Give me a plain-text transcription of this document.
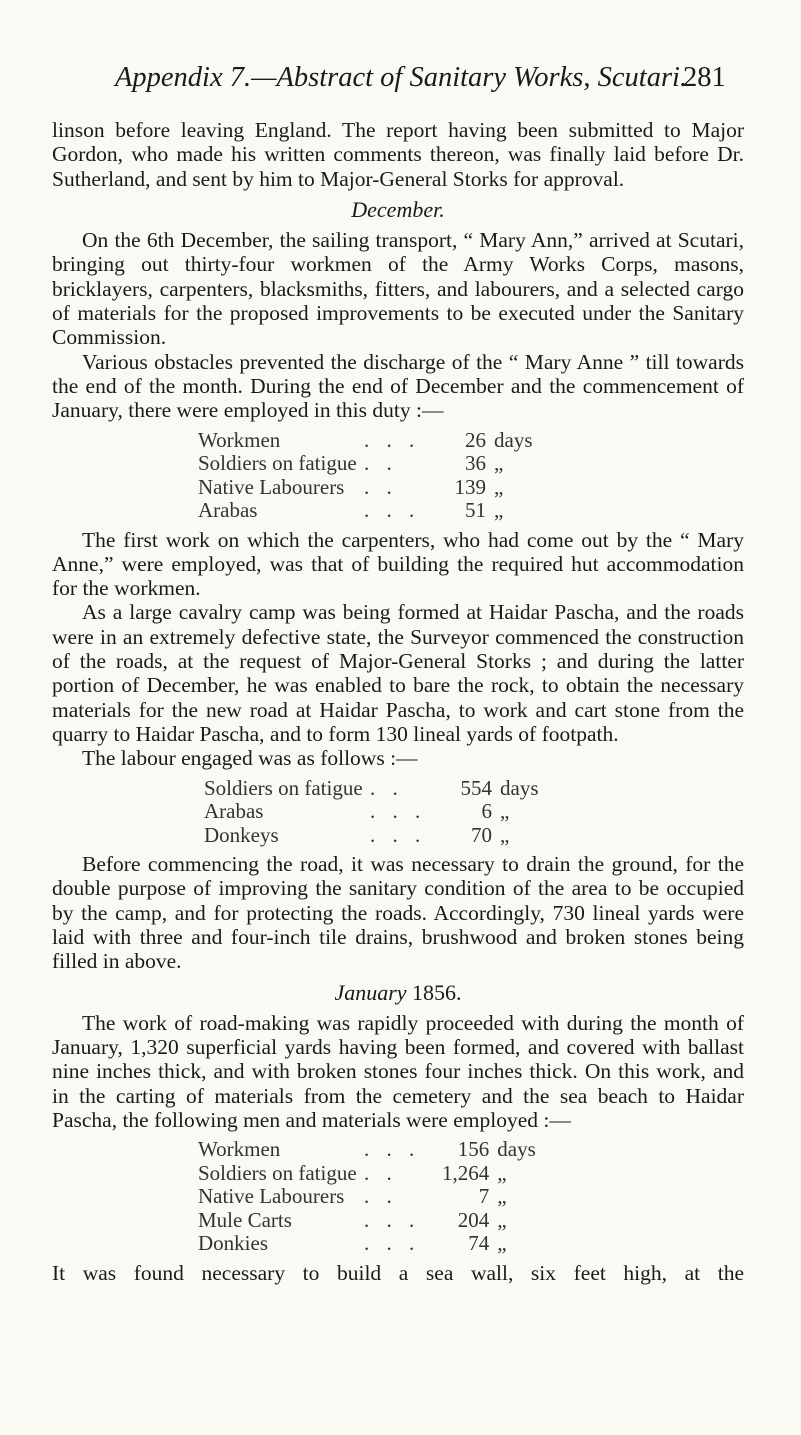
Appendix 7.—Abstract of Sanitary Works, Scutari.
281

linson before leaving England. The report having been submitted to Major Gordon, who made his written comments thereon, was finally laid before Dr. Sutherland, and sent by him to Major-General Storks for approval.

December.

On the 6th December, the sailing transport, “ Mary Ann,” arrived at Scutari, bringing out thirty-four workmen of the Army Works Corps, masons, bricklayers, carpenters, blacksmiths, fitters, and labourers, and a selected cargo of materials for the proposed improvements to be executed under the Sanitary Commission.

Various obstacles prevented the discharge of the “ Mary Anne ” till towards the end of the month. During the end of December and the commencement of January, there were employed in this duty :—

Workmen	. . .	26	days
Soldiers on fatigue	. .	36	„
Native Labourers	. .	139	„
Arabas	. . .	51	„

The first work on which the carpenters, who had come out by the “ Mary Anne,” were employed, was that of building the required hut accommodation for the workmen.

As a large cavalry camp was being formed at Haidar Pascha, and the roads were in an extremely defective state, the Surveyor commenced the construction of the roads, at the request of Major-General Storks ; and during the latter portion of December, he was enabled to bare the rock, to obtain the necessary materials for the new road at Haidar Pascha, to work and cart stone from the quarry to Haidar Pascha, and to form 130 lineal yards of footpath.

The labour engaged was as follows :—

Soldiers on fatigue	. .	554	days
Arabas	. . .	6	„
Donkeys	. . .	70	„

Before commencing the road, it was necessary to drain the ground, for the double purpose of improving the sanitary condition of the area to be occupied by the camp, and for protecting the roads. Accordingly, 730 lineal yards were laid with three and four-inch tile drains, brushwood and broken stones being filled in above.

January 1856.

The work of road-making was rapidly proceeded with during the month of January, 1,320 superficial yards having been formed, and covered with ballast nine inches thick, and with broken stones four inches thick. On this work, and in the carting of materials from the cemetery and the sea beach to Haidar Pascha, the following men and materials were employed :—

Workmen	. . .	156	days
Soldiers on fatigue	. .	1,264	„
Native Labourers	. .	7	„
Mule Carts	. . .	204	„
Donkies	. . .	74	„

It was found necessary to build a sea wall, six feet high, at the
